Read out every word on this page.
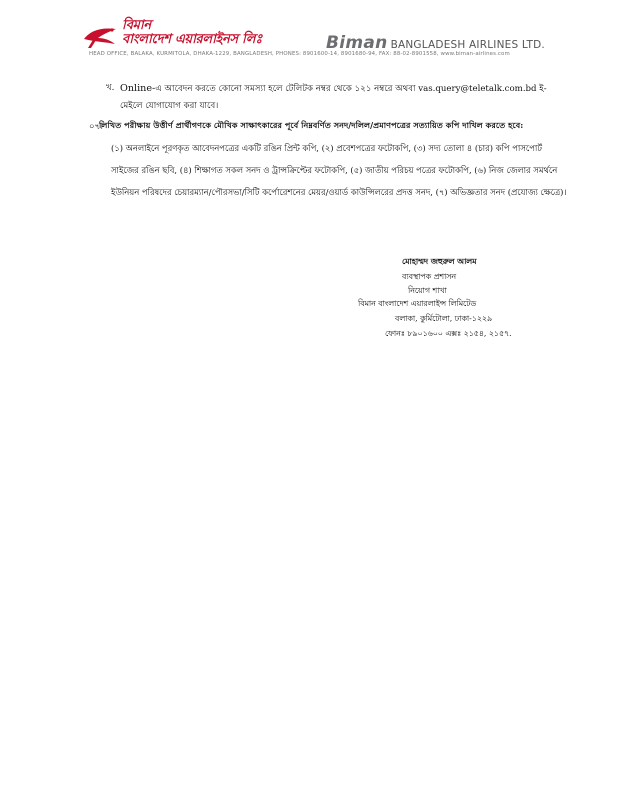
বিমান
বাংলাদেশ এয়ারলাইনস লিঃ	Biman BANGLADESH AIRLINES LTD.
HEAD OFFICE, BALAKA, KURMITOLA, DHAKA-1229, BANGLADESH, PHONES: 8901600-14, 8901680-94, FAX: 88-02-8901558, www.biman-airlines.com
খ. Online-এ আবেদন করতে কোনো সমস্যা হলে টেলিটক নম্বর থেকে ১২১ নম্বরে অথবা vas.query@teletalk.com.bd ই-মেইলে যোগাযোগ করা যাবে।
০৭।
লিখিত পরীক্ষায় উত্তীর্ণ প্রার্থীগণকে মৌখিক সাক্ষাৎকারের পূর্বে নিম্নবর্ণিত সনদ/দলিল/প্রমাণপত্রের সত্যায়িত কপি দাখিল করতে হবে:
(১) অনলাইনে পূরণকৃত আবেদনপত্রের একটি রঙিন প্রিন্ট কপি, (২) প্রবেশপত্রের ফটোকপি, (৩) সদ্য তোলা ৪ (চার) কপি পাসপোর্ট সাইজের রঙিন ছবি, (৪) শিক্ষাগত সকল সনদ ও ট্রান্সক্রিপ্টের ফটোকপি, (৫) জাতীয় পরিচয় পত্রের ফটোকপি, (৬) নিজ জেলার সমর্থনে ইউনিয়ন পরিষদের চেয়ারম্যান/পৌরসভা/সিটি কর্পোরেশনের মেয়র/ওয়ার্ড কাউন্সিলরের প্রদত্ত সনদ, (৭) অভিজ্ঞতার সনদ (প্রযোজ্য ক্ষেত্রে)।
মোহাম্মদ জহুরুল আলম
ব্যবস্থাপক প্রশাসন
নিয়োগ শাখা
বিমান বাংলাদেশ এয়ারলাইন্স লিমিটেড
বলাকা, কুর্মিটোলা, ঢাকা-১২২৯
ফোনঃ ৮৯০১৬০০ এক্সঃ ২১৫৪, ২১৫৭.
